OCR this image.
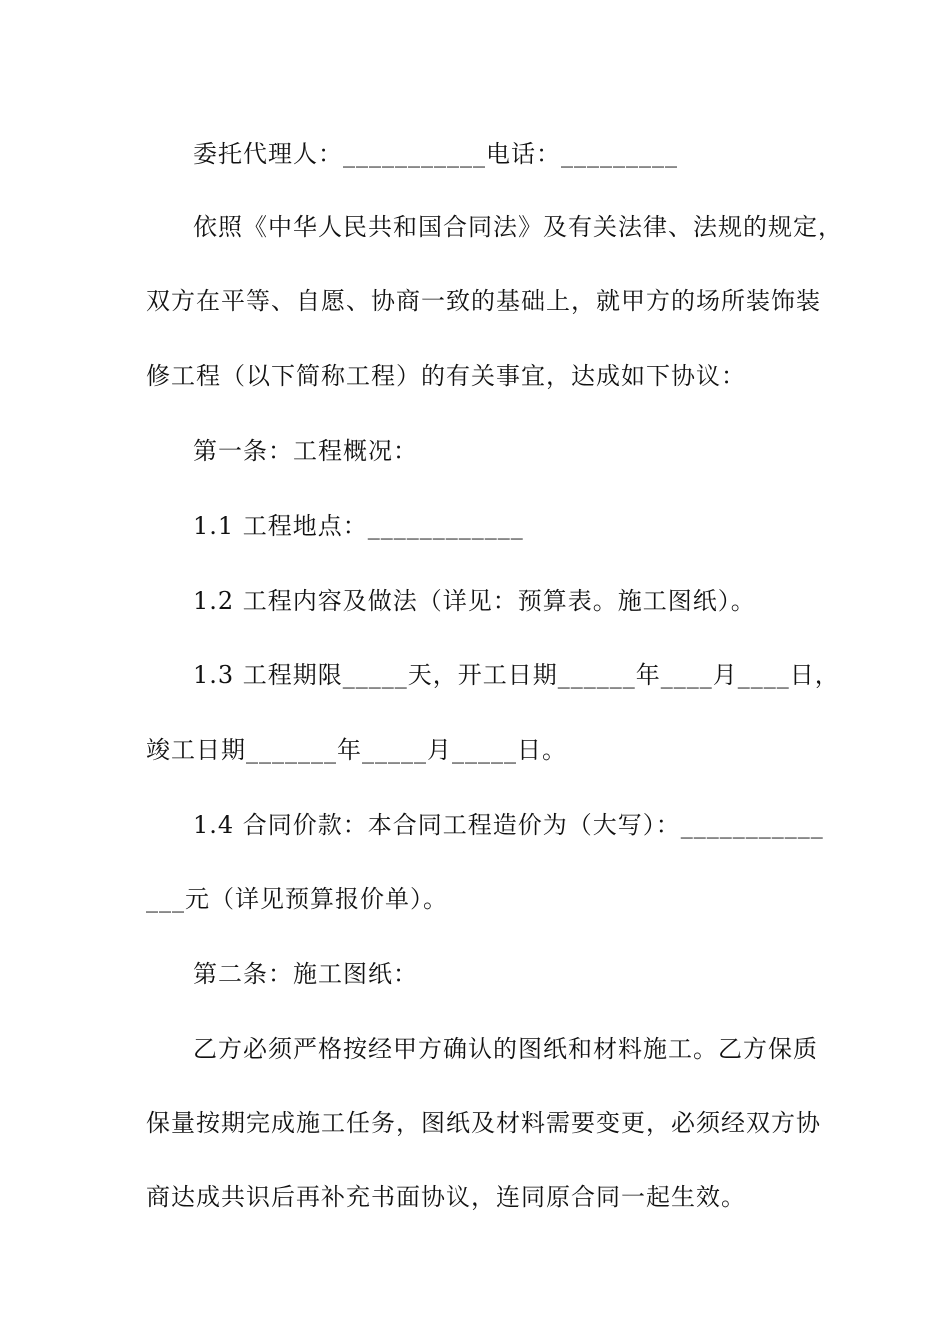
委托代理人：___________电话：_________
依照《中华人民共和国合同法》及有关法律、法规的规定，
双方在平等、自愿、协商一致的基础上，就甲方的场所装饰装
修工程（以下简称工程）的有关事宜，达成如下协议：
第一条：工程概况：
1.1 工程地点：____________
1.2 工程内容及做法（详见：预算表。施工图纸）。
1.3 工程期限_____天，开工日期______年____月____日，
竣工日期_______年_____月_____日。
1.4 合同价款：本合同工程造价为（大写）：___________
___元（详见预算报价单）。
第二条：施工图纸：
乙方必须严格按经甲方确认的图纸和材料施工。乙方保质
保量按期完成施工任务，图纸及材料需要变更，必须经双方协
商达成共识后再补充书面协议，连同原合同一起生效。
